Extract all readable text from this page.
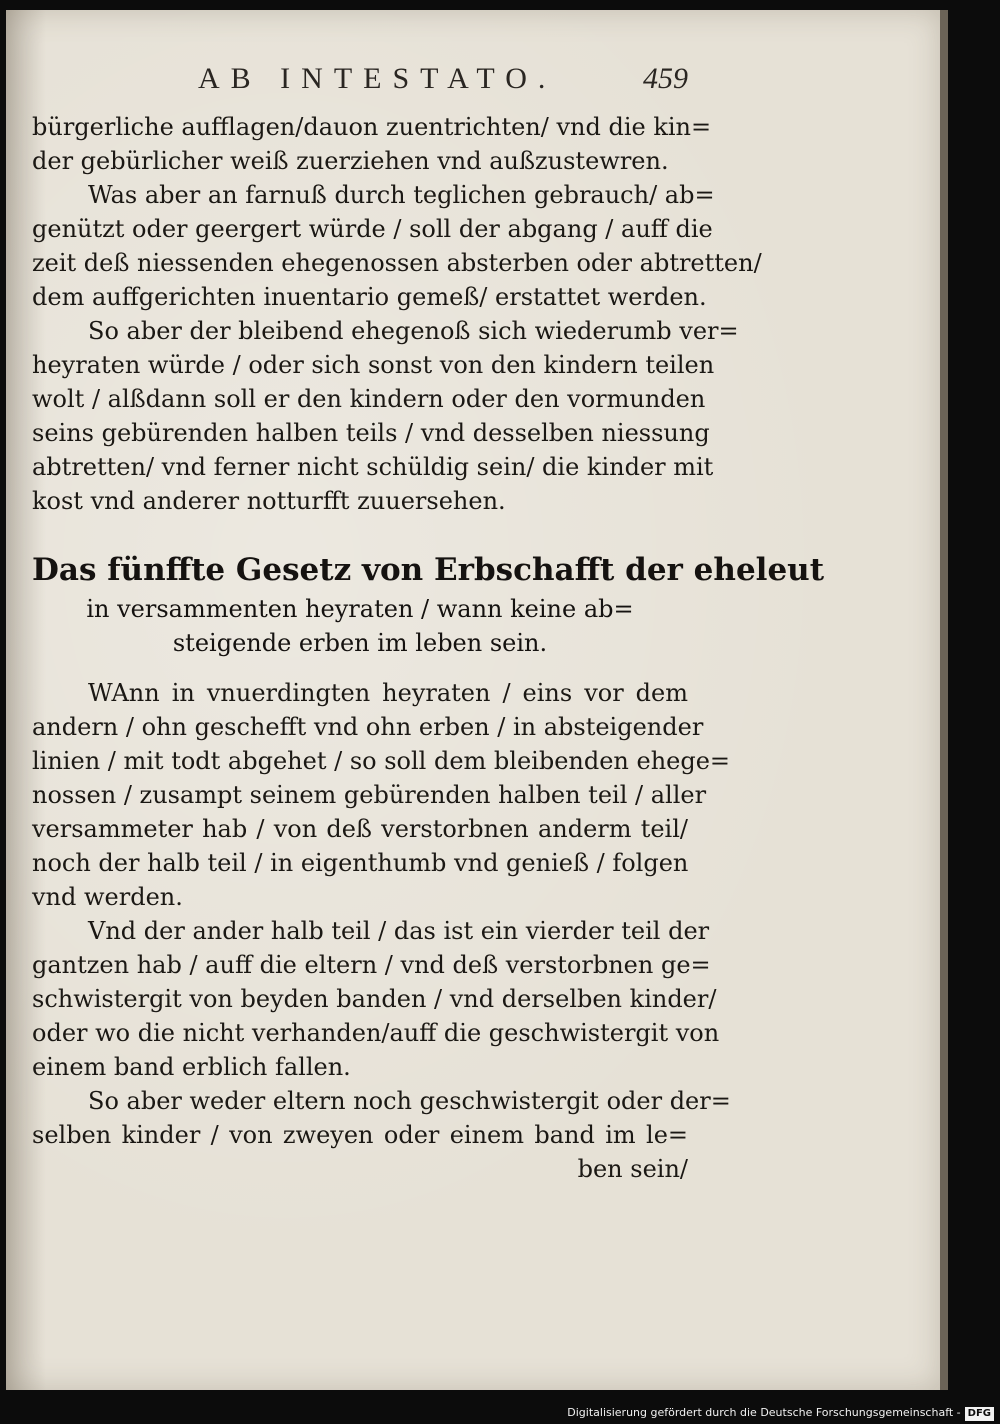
AB INTESTATO.	459
bürgerliche aufflagen/dauon zuentrichten/ vnd die kin=
der gebürlicher weiß zuerziehen vnd außzustewren.
Was aber an farnuß durch teglichen gebrauch/ ab=
genützt oder geergert würde / soll der abgang / auff die
zeit deß niessenden ehegenossen absterben oder abtretten/
dem auffgerichten inuentario gemeß/ erstattet werden.
So aber der bleibend ehegenoß sich wiederumb ver=
heyraten würde / oder sich sonst von den kindern teilen
wolt / alßdann soll er den kindern oder den vormunden
seins gebürenden halben teils / vnd desselben niessung
abtretten/ vnd ferner nicht schüldig sein/ die kinder mit
kost vnd anderer notturfft zuuersehen.
Das fünffte Gesetz von Erbschafft der eheleut
in versammenten heyraten / wann keine ab=
steigende erben im leben sein.
WAnn in vnuerdingten heyraten / eins vor dem
andern / ohn geschefft vnd ohn erben / in absteigender
linien / mit todt abgehet / so soll dem bleibenden ehege=
nossen / zusampt seinem gebürenden halben teil / aller
versammeter hab / von deß verstorbnen anderm teil/
noch der halb teil / in eigenthumb vnd genieß / folgen
vnd werden.
Vnd der ander halb teil / das ist ein vierder teil der
gantzen hab / auff die eltern / vnd deß verstorbnen ge=
schwistergit von beyden banden / vnd derselben kinder/
oder wo die nicht verhanden/auff die geschwistergit von
einem band erblich fallen.
So aber weder eltern noch geschwistergit oder der=
selben kinder / von zweyen oder einem band im le=
ben sein/
Digitalisierung gefördert durch die Deutsche Forschungsgemeinschaft - DFG
